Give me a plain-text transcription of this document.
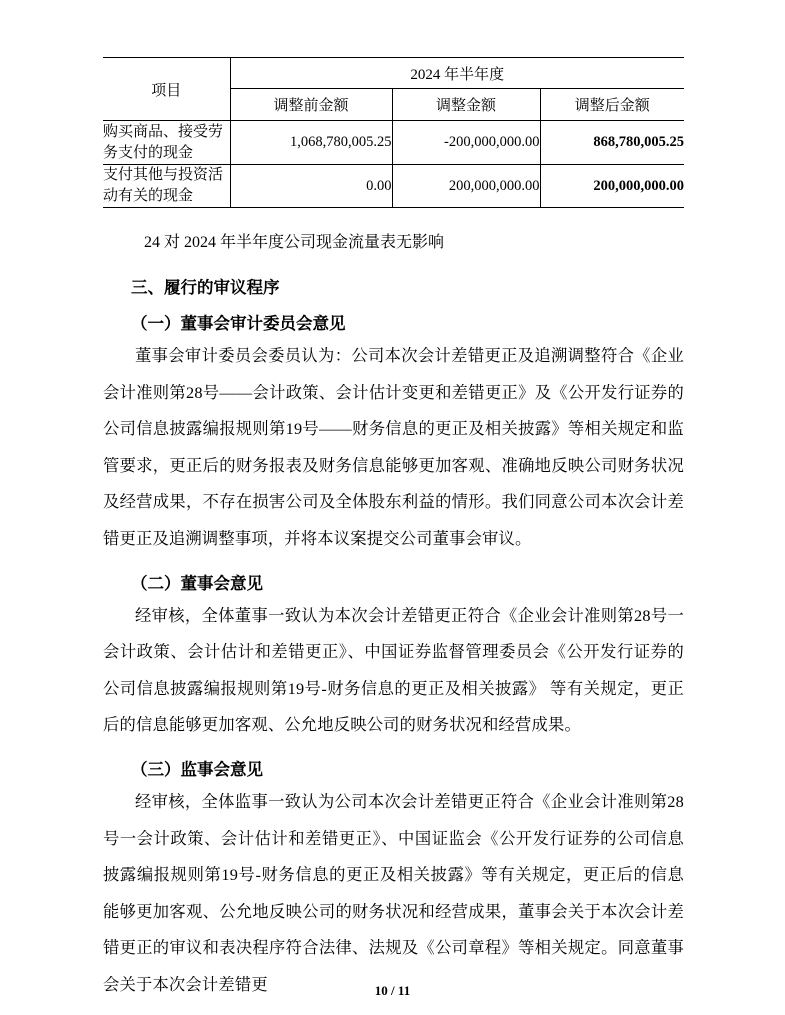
项目	2024 年半年度		
	调整前金额	调整金额	调整后金额
购买商品、接受劳务支付的现金	1,068,780,005.25	-200,000,000.00	868,780,005.25
支付其他与投资活动有关的现金	0.00	200,000,000.00	200,000,000.00
24 对 2024 年半年度公司现金流量表无影响
三、履行的审议程序
（一）董事会审计委员会意见

董事会审计委员会委员认为：公司本次会计差错更正及追溯调整符合《企业会计准则第28号——会计政策、会计估计变更和差错更正》及《公开发行证券的公司信息披露编报规则第19号——财务信息的更正及相关披露》等相关规定和监管要求，更正后的财务报表及财务信息能够更加客观、准确地反映公司财务状况及经营成果，不存在损害公司及全体股东利益的情形。我们同意公司本次会计差错更正及追溯调整事项，并将本议案提交公司董事会审议。

（二）董事会意见

经审核，全体董事一致认为本次会计差错更正符合《企业会计准则第28号一会计政策、会计估计和差错更正》、中国证券监督管理委员会《公开发行证券的公司信息披露编报规则第19号-财务信息的更正及相关披露》 等有关规定，更正后的信息能够更加客观、公允地反映公司的财务状况和经营成果。

（三）监事会意见

经审核，全体监事一致认为公司本次会计差错更正符合《企业会计准则第28号一会计政策、会计估计和差错更正》、中国证监会《公开发行证券的公司信息披露编报规则第19号-财务信息的更正及相关披露》等有关规定，更正后的信息能够更加客观、公允地反映公司的财务状况和经营成果，董事会关于本次会计差错更正的审议和表决程序符合法律、法规及《公司章程》等相关规定。同意董事会关于本次会计差错更	10 / 11
